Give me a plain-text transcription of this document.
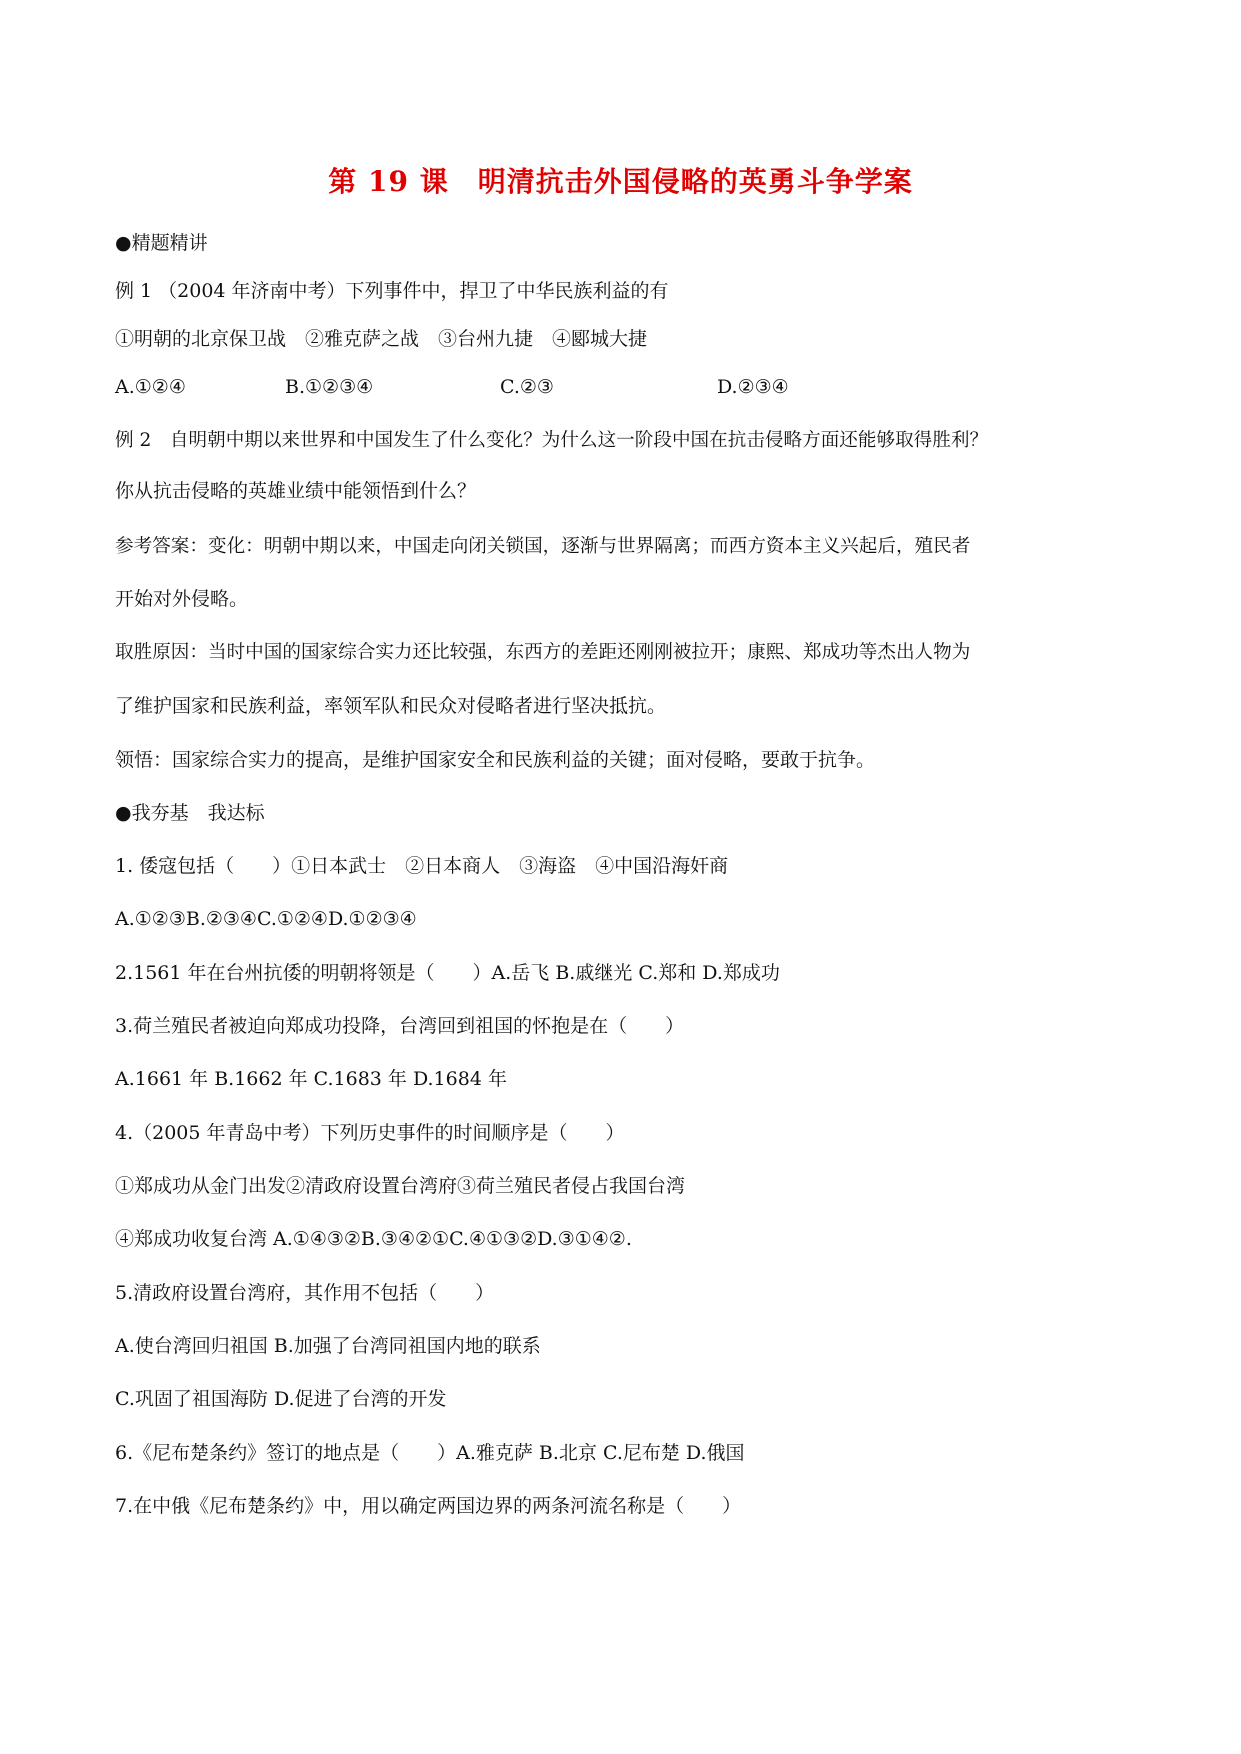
第 19 课　明清抗击外国侵略的英勇斗争学案
●精题精讲
例 1 （2004 年济南中考）下列事件中，捍卫了中华民族利益的有
①明朝的北京保卫战　②雅克萨之战　③台州九捷　④郾城大捷
A.①②④	B.①②③④	C.②③	D.②③④
例 2　自明朝中期以来世界和中国发生了什么变化？为什么这一阶段中国在抗击侵略方面还能够取得胜利？
你从抗击侵略的英雄业绩中能领悟到什么？
参考答案：变化：明朝中期以来，中国走向闭关锁国，逐渐与世界隔离；而西方资本主义兴起后，殖民者
开始对外侵略。
取胜原因：当时中国的国家综合实力还比较强，东西方的差距还刚刚被拉开；康熙、郑成功等杰出人物为
了维护国家和民族利益，率领军队和民众对侵略者进行坚决抵抗。
领悟：国家综合实力的提高，是维护国家安全和民族利益的关键；面对侵略，要敢于抗争。
●我夯基　我达标
1. 倭寇包括（　　）①日本武士　②日本商人　③海盗　④中国沿海奸商
A.①②③B.②③④C.①②④D.①②③④
2.1561 年在台州抗倭的明朝将领是（　　）A.岳飞 B.戚继光 C.郑和 D.郑成功
3.荷兰殖民者被迫向郑成功投降，台湾回到祖国的怀抱是在（　　）
A.1661 年 B.1662 年 C.1683 年 D.1684 年
4.（2005 年青岛中考）下列历史事件的时间顺序是（　　）
①郑成功从金门出发②清政府设置台湾府③荷兰殖民者侵占我国台湾
④郑成功收复台湾 A.①④③②B.③④②①C.④①③②D.③①④②.
5.清政府设置台湾府，其作用不包括（　　）
A.使台湾回归祖国 B.加强了台湾同祖国内地的联系
C.巩固了祖国海防 D.促进了台湾的开发
6.《尼布楚条约》签订的地点是（　　）A.雅克萨 B.北京 C.尼布楚 D.俄国
7.在中俄《尼布楚条约》中，用以确定两国边界的两条河流名称是（　　）
